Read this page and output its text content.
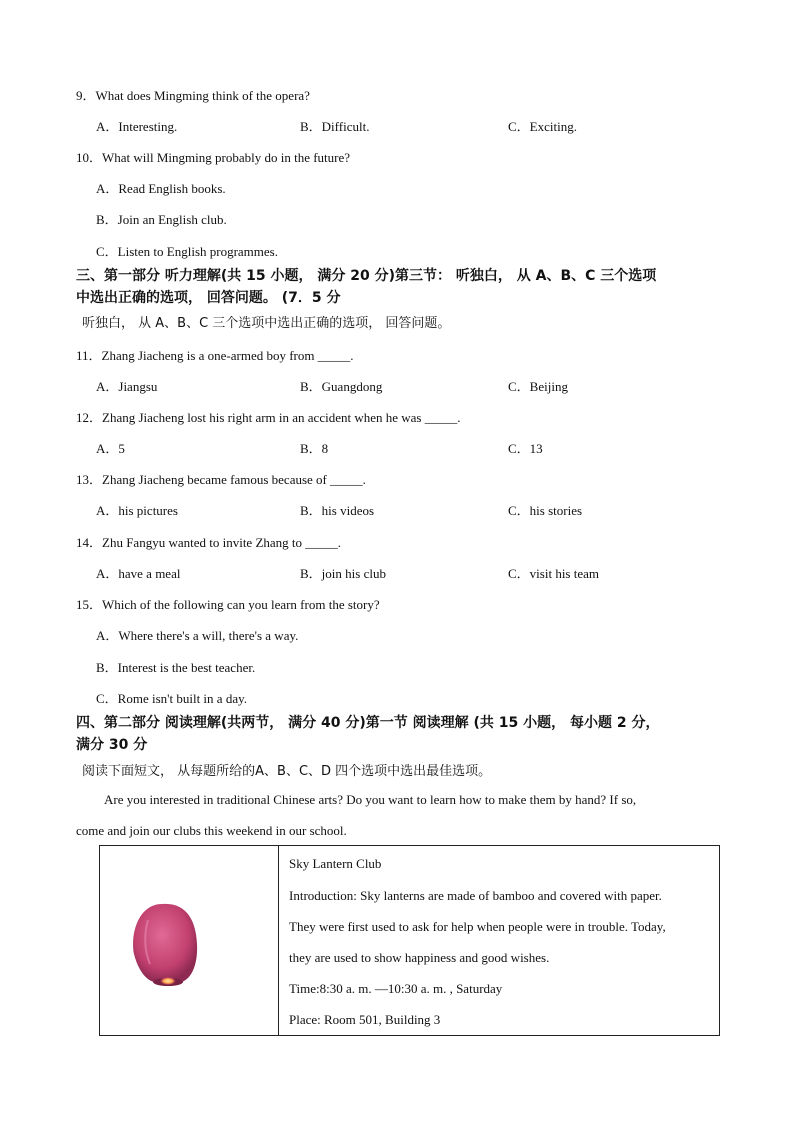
9．What does Mingming think of the opera?
A．Interesting.	B．Difficult.	C．Exciting.
10．What will Mingming probably do in the future?
A．Read English books.
B．Join an English club.
C．Listen to English programmes.
三、第一部分 听力理解(共 15 小题， 满分 20 分)第三节： 听独白， 从 A、B、C 三个选项
中选出正确的选项， 回答问题。 (7．5 分
听独白， 从 A、B、C 三个选项中选出正确的选项， 回答问题。
11．Zhang Jiacheng is a one-armed boy from _____.
A．Jiangsu	B．Guangdong	C．Beijing
12．Zhang Jiacheng lost his right arm in an accident when he was _____.
A．5	B．8	C．13
13．Zhang Jiacheng became famous because of _____.
A．his pictures	B．his videos	C．his stories
14．Zhu Fangyu wanted to invite Zhang to _____.
A．have a meal	B．join his club	C．visit his team
15．Which of the following can you learn from the story?
A．Where there's a will, there's a way.
B．Interest is the best teacher.
C．Rome isn't built in a day.
四、第二部分 阅读理解(共两节， 满分 40 分)第一节 阅读理解 (共 15 小题， 每小题 2 分，
满分 30 分
阅读下面短文， 从每题所给的A、B、C、D 四个选项中选出最佳选项。
Are you interested in traditional Chinese arts? Do you want to learn how to make them by hand? If so,
come and join our clubs this weekend in our school.

Sky Lantern Club
Introduction: Sky lanterns are made of bamboo and covered with paper.
They were first used to ask for help when people were in trouble. Today,
they are used to show happiness and good wishes.
Time:8:30 a. m. —10:30 a. m. , Saturday
Place: Room 501, Building 3
